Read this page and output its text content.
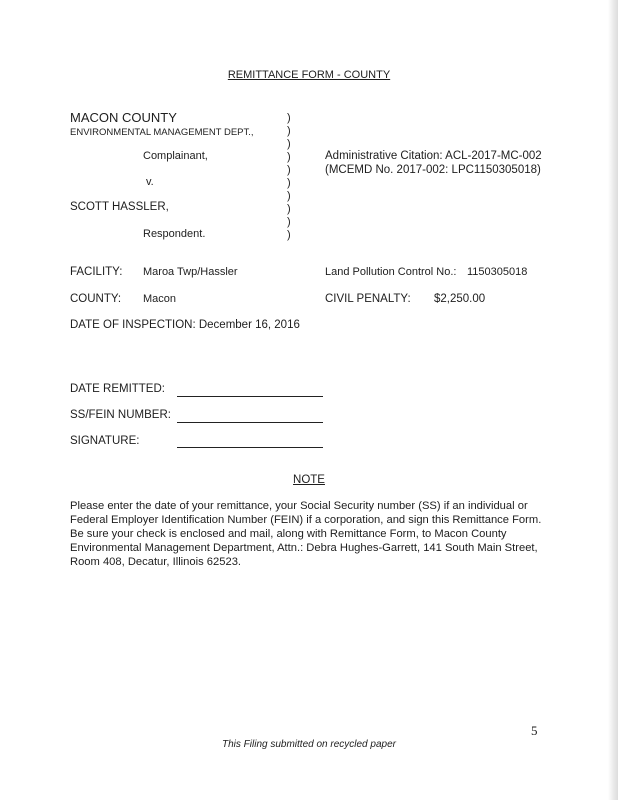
REMITTANCE FORM - COUNTY
MACON COUNTY
ENVIRONMENTAL MANAGEMENT DEPT.,
Complainant,
v.
SCOTT HASSLER,
Respondent.
)
)
)
)
)
)
)
)
)
)
Administrative Citation: ACL-2017-MC-002
(MCEMD No. 2017-002: LPC1150305018)
FACILITY: Maroa Twp/Hassler	Land Pollution Control No.: 1150305018
COUNTY: Macon	CIVIL PENALTY: $2,250.00
DATE OF INSPECTION: December 16, 2016
DATE REMITTED:
SS/FEIN NUMBER:
SIGNATURE:
NOTE
Please enter the date of your remittance, your Social Security number (SS) if an individual or Federal Employer Identification Number (FEIN) if a corporation, and sign this Remittance Form. Be sure your check is enclosed and mail, along with Remittance Form, to Macon County Environmental Management Department, Attn.: Debra Hughes-Garrett, 141 South Main Street, Room 408, Decatur, Illinois 62523.
5
This Filing submitted on recycled paper
